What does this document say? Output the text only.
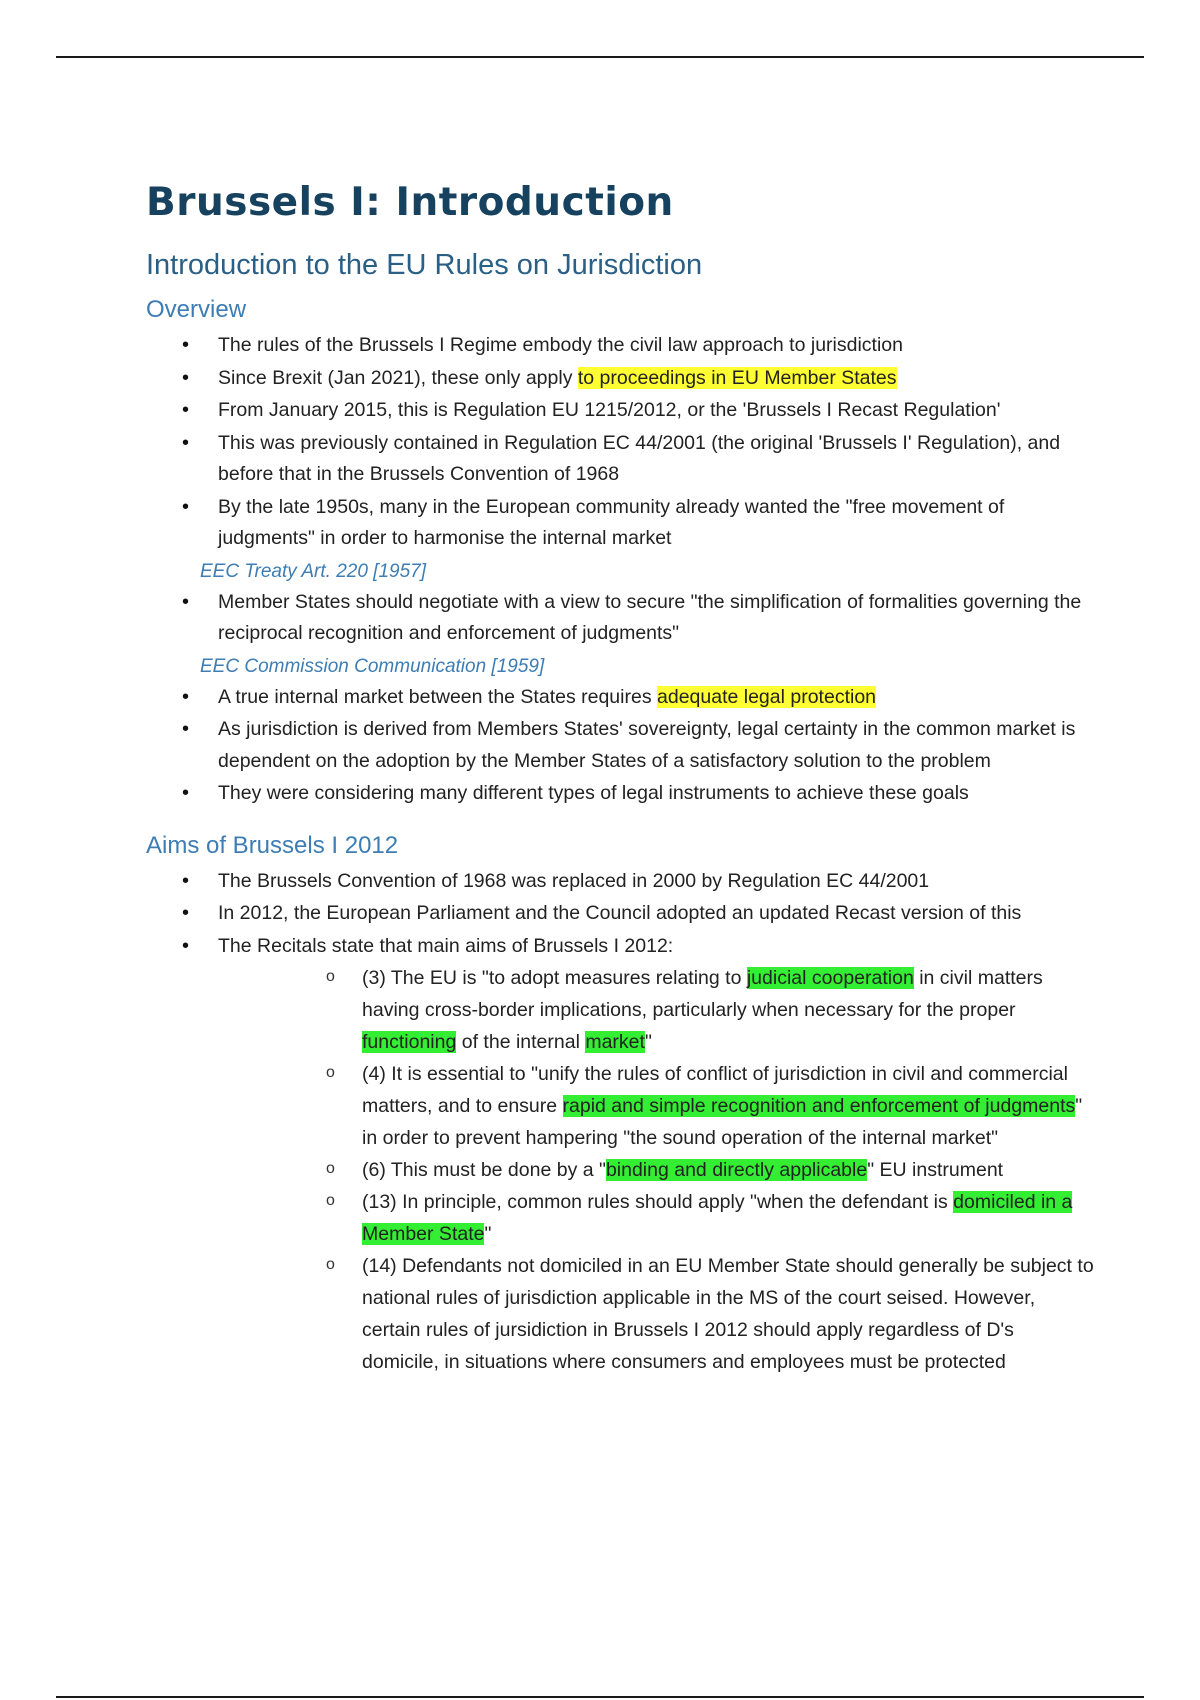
Brussels I: Introduction
Introduction to the EU Rules on Jurisdiction
Overview
• The rules of the Brussels I Regime embody the civil law approach to jurisdiction
• Since Brexit (Jan 2021), these only apply to proceedings in EU Member States
• From January 2015, this is Regulation EU 1215/2012, or the 'Brussels I Recast Regulation'
• This was previously contained in Regulation EC 44/2001 (the original 'Brussels I' Regulation), and before that in the Brussels Convention of 1968
• By the late 1950s, many in the European community already wanted the "free movement of judgments" in order to harmonise the internal market
EEC Treaty Art. 220 [1957]
• Member States should negotiate with a view to secure "the simplification of formalities governing the reciprocal recognition and enforcement of judgments"
EEC Commission Communication [1959]
• A true internal market between the States requires adequate legal protection
• As jurisdiction is derived from Members States' sovereignty, legal certainty in the common market is dependent on the adoption by the Member States of a satisfactory solution to the problem
• They were considering many different types of legal instruments to achieve these goals
Aims of Brussels I 2012
• The Brussels Convention of 1968 was replaced in 2000 by Regulation EC 44/2001
• In 2012, the European Parliament and the Council adopted an updated Recast version of this
• The Recitals state that main aims of Brussels I 2012:
o (3) The EU is "to adopt measures relating to judicial cooperation in civil matters having cross-border implications, particularly when necessary for the proper functioning of the internal market"
o (4) It is essential to "unify the rules of conflict of jurisdiction in civil and commercial matters, and to ensure rapid and simple recognition and enforcement of judgments" in order to prevent hampering "the sound operation of the internal market"
o (6) This must be done by a "binding and directly applicable" EU instrument
o (13) In principle, common rules should apply "when the defendant is domiciled in a Member State"
o (14) Defendants not domiciled in an EU Member State should generally be subject to national rules of jurisdiction applicable in the MS of the court seised. However, certain rules of jursidiction in Brussels I 2012 should apply regardless of D's domicile, in situations where consumers and employees must be protected
